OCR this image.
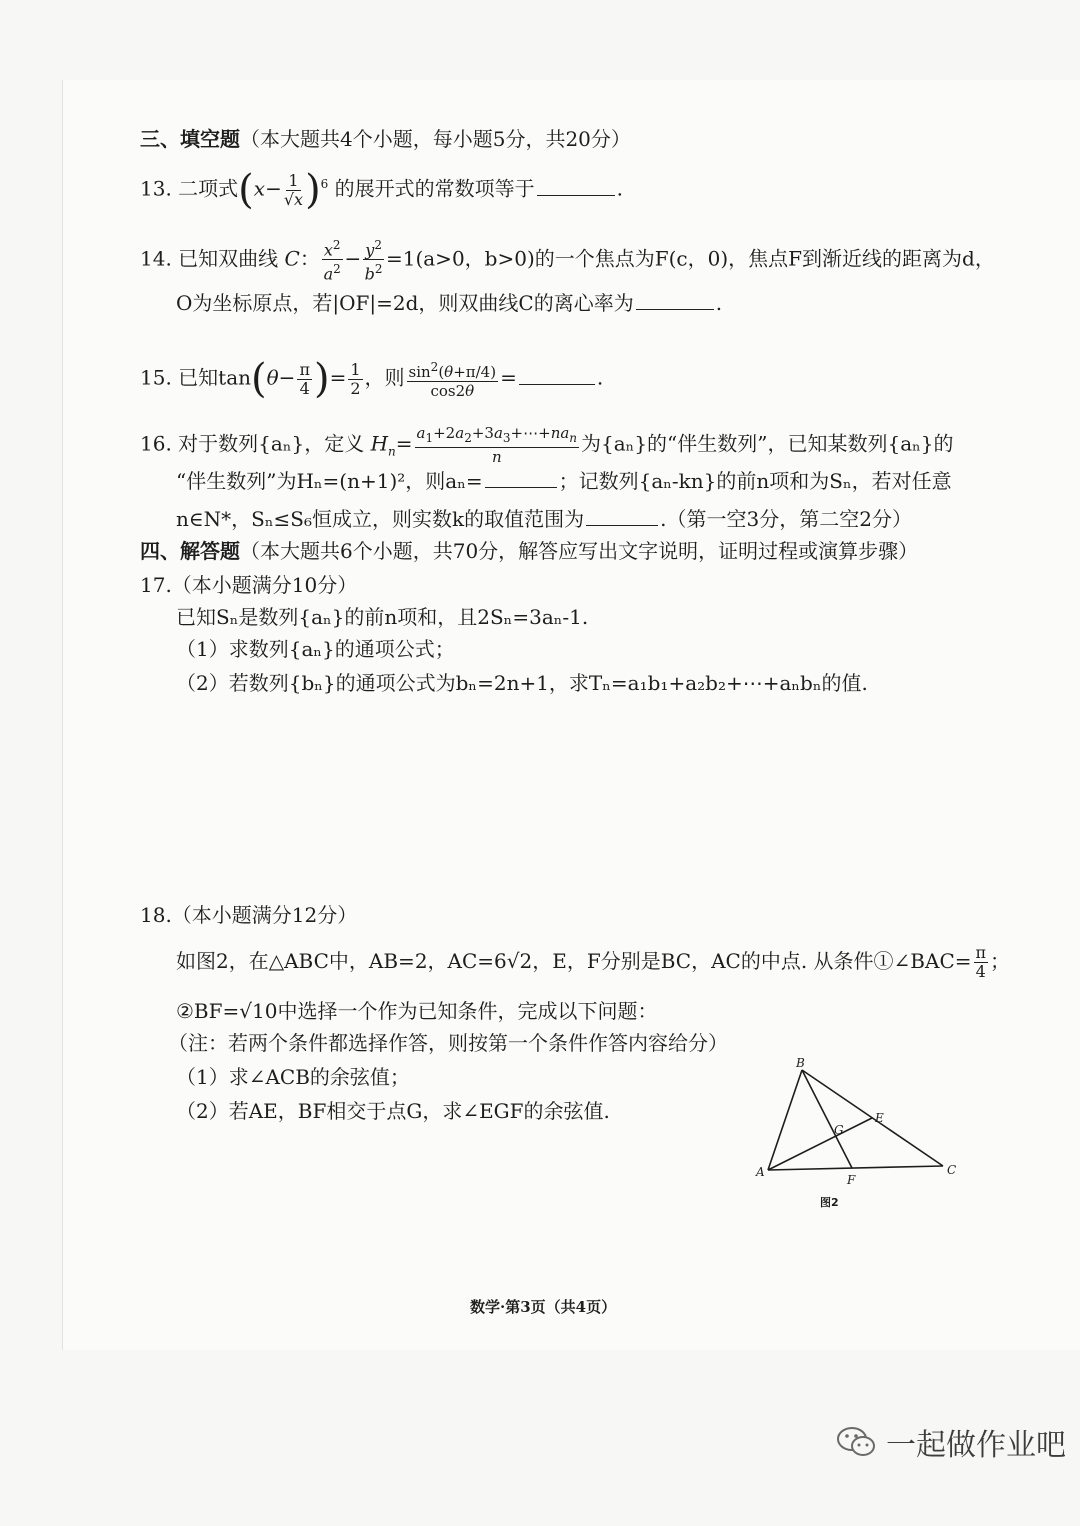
三、填空题（本大题共4个小题，每小题5分，共20分）
13. 二项式$(x- \frac{1}{√x} )^6$ 的展开式的常数项等于	.
14. 已知双曲线 C： $\frac{x^2}{a^2} - \frac{y^2}{b^2} =1(a>0$，b>0)的一个焦点为F(c，0)，焦点F到渐近线的距离为d，
O为坐标原点，若|OF|=2d，则双曲线C的离心率为	.
15. 已知$\tan(\theta- \frac{\pi}{4}$ )= $\frac{1}{2}$ ，则 $\frac{\sin^2(\theta+\pi/4)}{\cos 2\theta}$ =	.
16. 对于数列{aₙ}，定义 $H_n= \frac{a_1+2a_2+3a_3+\cdots+na_n}{n}$ 为{aₙ}的“伴生数列”，已知某数列{aₙ}的
“伴生数列”为Hₙ=(n+1)²，则aₙ=	；记数列{aₙ-kn}的前n项和为Sₙ，若对任意
n∈N*，Sₙ≤S₆恒成立，则实数k的取值范围为	.（第一空3分，第二空2分）
四、解答题（本大题共6个小题，共70分，解答应写出文字说明，证明过程或演算步骤）
17.（本小题满分10分）
已知Sₙ是数列{aₙ}的前n项和，且2Sₙ=3aₙ-1.
（1）求数列{aₙ}的通项公式；
（2）若数列{bₙ}的通项公式为bₙ=2n+1，求Tₙ=a₁b₁+a₂b₂+⋯+aₙbₙ的值.
18.（本小题满分12分）
如图2，在△ABC中，AB=2，AC=6√2，E，F分别是BC，AC的中点. 从条件①∠BAC= $\frac{\pi}{4}$ ；
②BF=√10中选择一个作为已知条件，完成以下问题：
（注：若两个条件都选择作答，则按第一个条件作答内容给分）
（1）求∠ACB的余弦值；
（2）若AE，BF相交于点G，求∠EGF的余弦值.
A
B
C
E
F
G
图2
数学·第3页（共4页）
一起做作业吧
